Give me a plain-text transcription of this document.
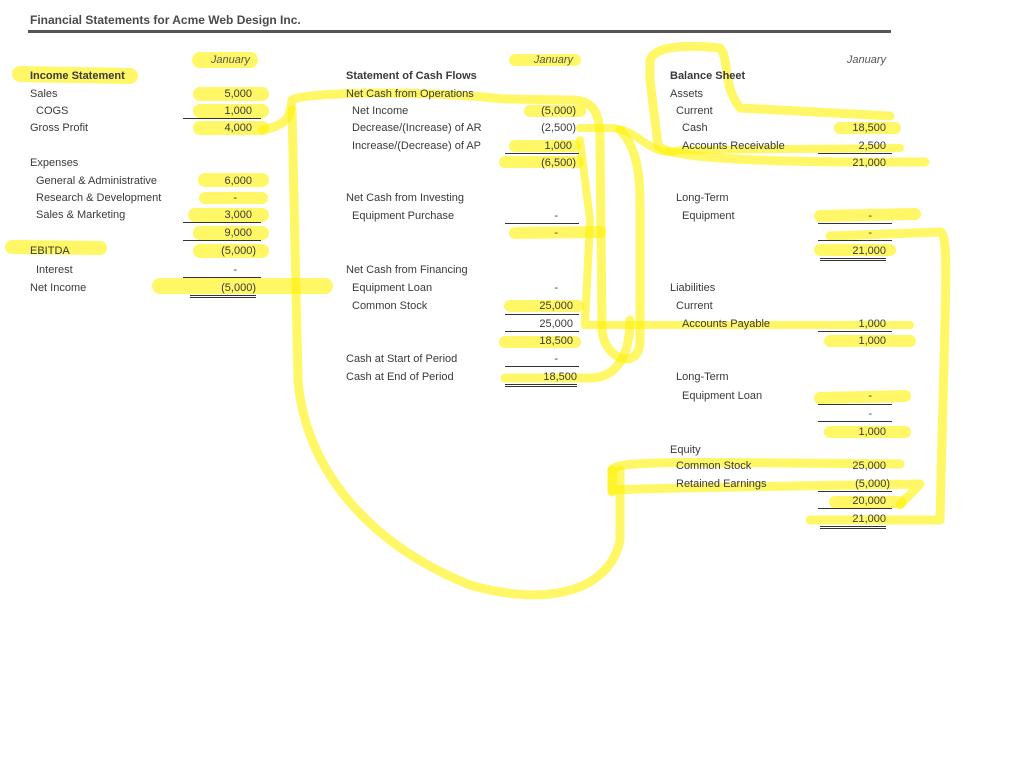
Financial Statements for Acme Web Design Inc.
January
Income Statement
Sales	5,000
COGS	1,000
Gross Profit	4,000
Expenses
General & Administrative	6,000
Research & Development	-
Sales & Marketing	3,000
9,000
EBITDA	(5,000)
Interest	-
Net Income	(5,000)
January
Statement of Cash Flows
Net Cash from Operations
Net Income	(5,000)
Decrease/(Increase) of AR	(2,500)
Increase/(Decrease) of AP	1,000
(6,500)
Net Cash from Investing
Equipment Purchase	-
-
Net Cash from Financing
Equipment Loan	-
Common Stock	25,000
25,000
18,500
Cash at Start of Period	-
Cash at End of Period	18,500
January
Balance Sheet
Assets
Current
Cash	18,500
Accounts Receivable	2,500
21,000
Long-Term
Equipment	-
-
21,000
Liabilities
Current
Accounts Payable	1,000
1,000
Long-Term
Equipment Loan	-
-
1,000
Equity
Common Stock	25,000
Retained Earnings	(5,000)
20,000
21,000
